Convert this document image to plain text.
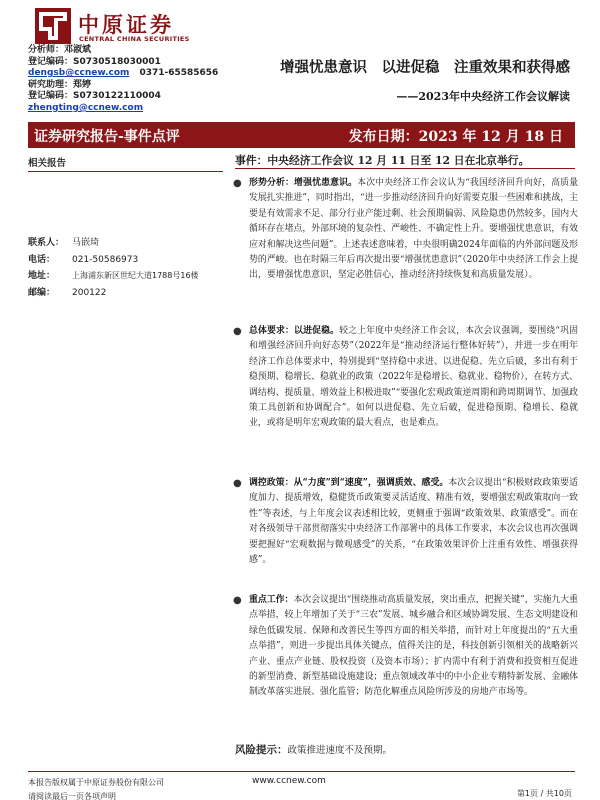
中原证券
CENTRAL CHINA SECURITIES
分析师：邓淑斌
登记编码：S0730518030001
dengsb@ccnew.com 0371-65585656
研究助理：郑婷
登记编码：S0730122110004
zhengting@ccnew.com
增强忧患意识　以进促稳　注重效果和获得感
——2023年中央经济工作会议解读
证券研究报告-事件点评	发布日期：2023 年 12 月 18 日
相关报告
联系人： 马嵌琦
电话： 021-50586973
地址： 上海浦东新区世纪大道1788号16楼
邮编： 200122
事件：中央经济工作会议 12 月 11 日至 12 日在北京举行。
● 形势分析：增强忧患意识。本次中央经济工作会议认为“我国经济回升向好，高质量发展扎实推进”，同时指出，“进一步推动经济回升向好需要克服一些困难和挑战，主要是有效需求不足、部分行业产能过剩、社会预期偏弱、风险隐患仍然较多，国内大循环存在堵点，外部环境的复杂性、严峻性、不确定性上升。要增强忧患意识，有效应对和解决这些问题”。上述表述意味着，中央很明确2024年面临的内外部问题及形势的严峻。也在时隔三年后再次提出要“增强忧患意识”（2020年中央经济工作会上提出，要增强忧患意识，坚定必胜信心，推动经济持续恢复和高质量发展）。
● 总体要求：以进促稳。较之上年度中央经济工作会议，本次会议强调，要围绕“巩固和增强经济回升向好态势”（2022年是“推动经济运行整体好转”），并进一步在明年经济工作总体要求中，特别提到“坚持稳中求进、以进促稳、先立后破，多出有利于稳预期、稳增长、稳就业的政策（2022年是稳增长、稳就业、稳物价），在转方式、调结构、提质量、增效益上积极进取”“要强化宏观政策逆周期和跨周期调节、加强政策工具创新和协调配合”。如何以进促稳、先立后破，促进稳预期、稳增长、稳就业，或将是明年宏观政策的最大看点，也是难点。
● 调控政策：从“力度”到“速度”，强调质效、感受。本次会议提出“积极财政政策要适度加力、提质增效，稳健货币政策要灵活适度、精准有效，要增强宏观政策取向一致性”等表述，与上年度会议表述相比较，更侧重于强调“政策效果、政策感受”。而在对各级领导干部贯彻落实中央经济工作部署中的具体工作要求，本次会议也再次强调要把握好“宏观数据与微观感受”的关系，“在政策效果评价上注重有效性、增强获得感”。
● 重点工作：本次会议提出“围绕推动高质量发展，突出重点，把握关键”，实施九大重点举措，较上年增加了关于“三农”发展、城乡融合和区域协调发展、生态文明建设和绿色低碳发展、保障和改善民生等四方面的相关举措，而针对上年度提出的“五大重点举措”，则进一步提出具体关键点，值得关注的是，科技创新引领相关的战略新兴产业、重点产业链、股权投资（及资本市场）；扩内需中有利于消费和投资相互促进的新型消费、新型基础设施建设；重点领域改革中的中小企业专精特新发展、金融体制改革落实进展、强化监管；防范化解重点风险所涉及的房地产市场等。
风险提示：政策推进速度不及预期。
本报告版权属于中原证券股份有限公司
请阅读最后一页各项声明
www.ccnew.com
第1页 / 共10页
